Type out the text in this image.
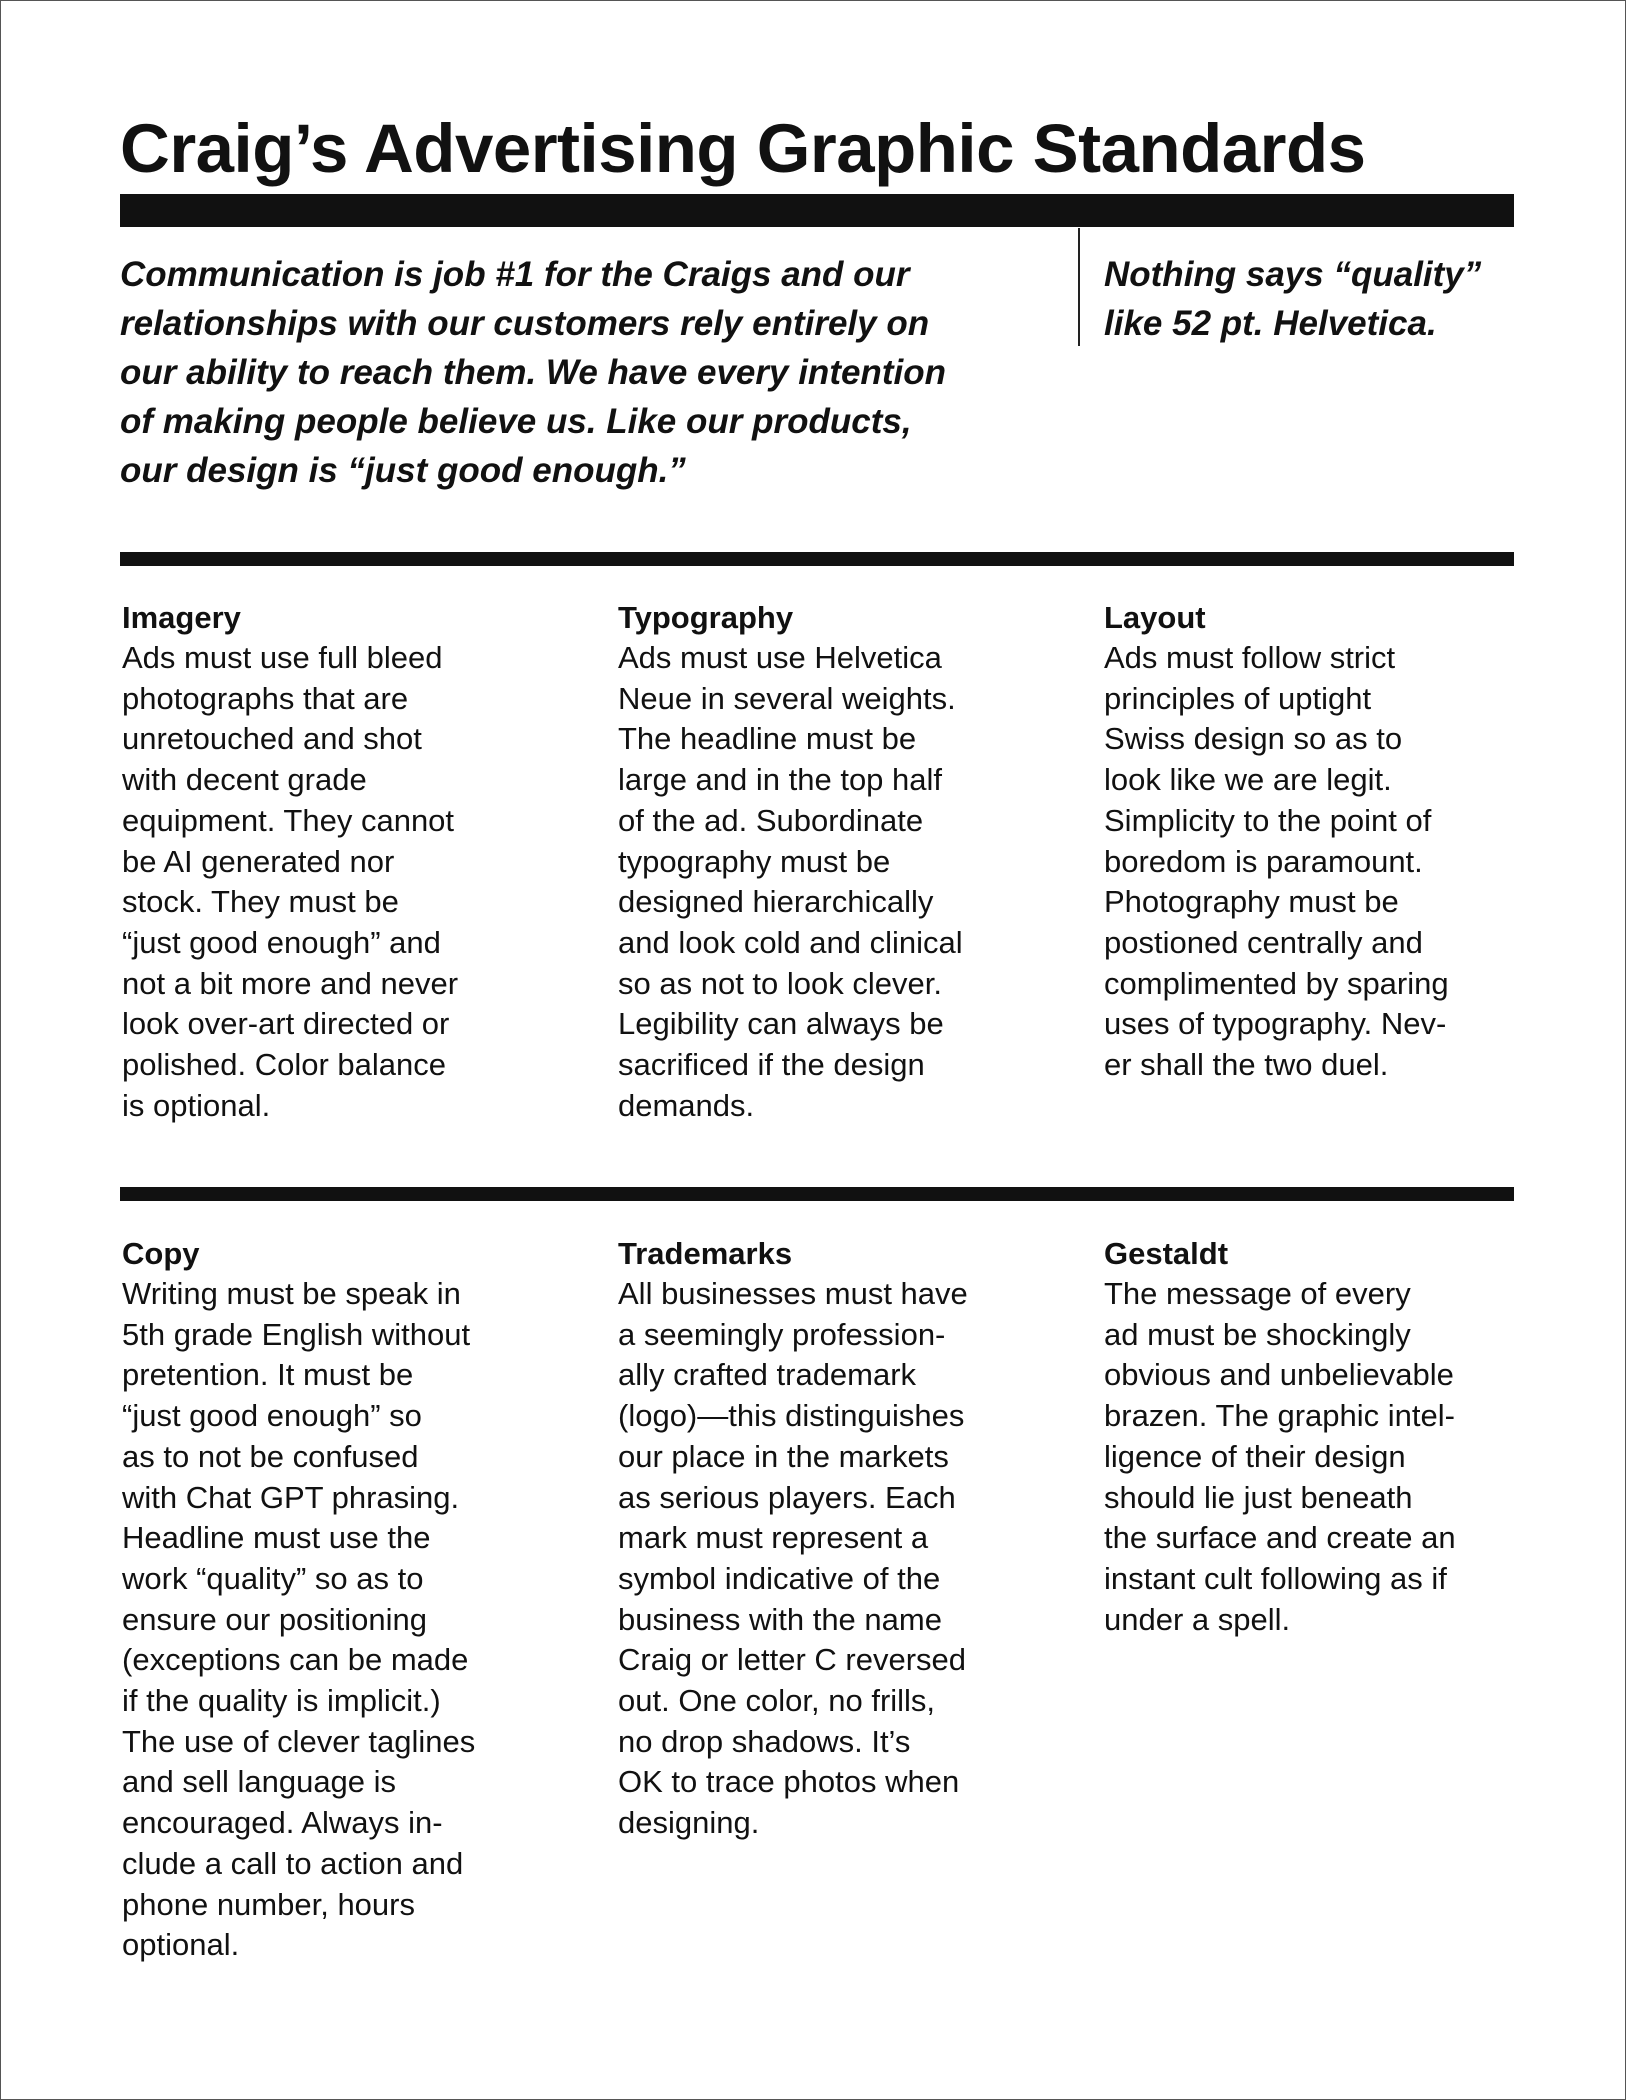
Craig’s Advertising Graphic Standards

Communication is job #1 for the Craigs and our
relationships with our customers rely entirely on
our ability to reach them. We have every intention
of making people believe us. Like our products,
our design is “just good enough.”

Nothing says “quality”
like 52 pt. Helvetica.

Imagery

Ads must use full bleed
photographs that are
unretouched and shot
with decent grade
equipment. They cannot
be AI generated nor
stock. They must be
“just good enough” and
not a bit more and never
look over-art directed or
polished. Color balance
is optional.

Typography

Ads must use Helvetica
Neue in several weights.
The headline must be
large and in the top half
of the ad. Subordinate
typography must be
designed hierarchically
and look cold and clinical
so as not to look clever.
Legibility can always be
sacrificed if the design
demands.

Layout

Ads must follow strict
principles of uptight
Swiss design so as to
look like we are legit.
Simplicity to the point of
boredom is paramount.
Photography must be
postioned centrally and
complimented by sparing
uses of typography. Nev-
er shall the two duel.

Copy

Writing must be speak in
5th grade English without
pretention. It must be
“just good enough” so
as to not be confused
with Chat GPT phrasing.
Headline must use the
work “quality” so as to
ensure our positioning
(exceptions can be made
if the quality is implicit.)
The use of clever taglines
and sell language is
encouraged. Always in-
clude a call to action and
phone number, hours
optional.

Trademarks

All businesses must have
a seemingly profession-
ally crafted trademark
(logo)—this distinguishes
our place in the markets
as serious players. Each
mark must represent a
symbol indicative of the
business with the name
Craig or letter C reversed
out. One color, no frills,
no drop shadows. It’s
OK to trace photos when
designing.

Gestaldt

The message of every
ad must be shockingly
obvious and unbelievable
brazen. The graphic intel-
ligence of their design
should lie just beneath
the surface and create an
instant cult following as if
under a spell.
